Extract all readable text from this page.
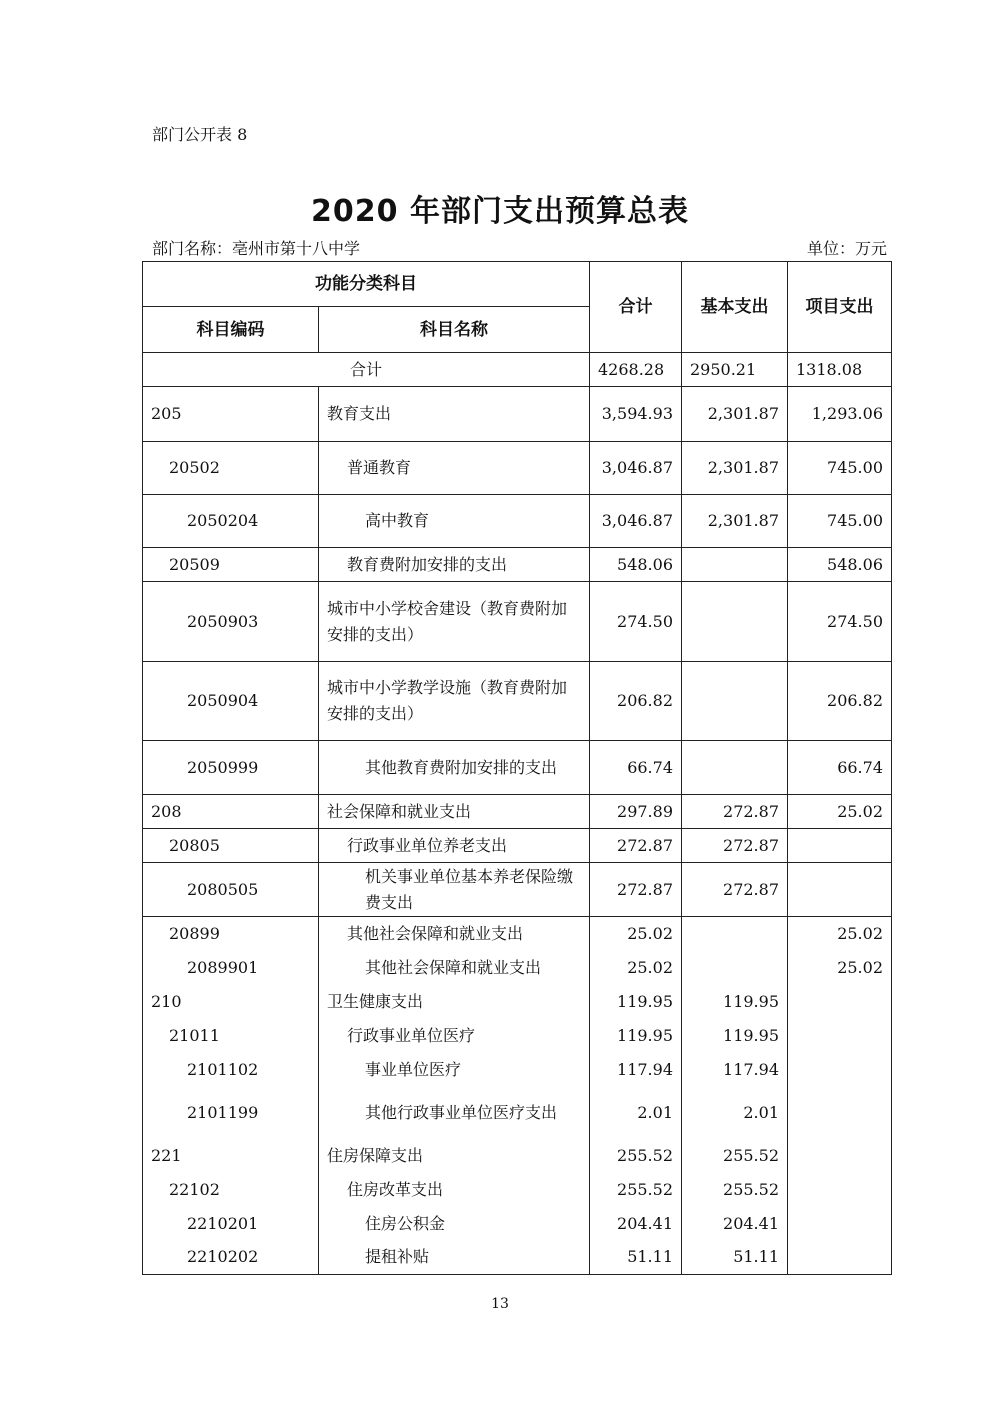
部门公开表 8
2020 年部门支出预算总表
部门名称：亳州市第十八中学	单位：万元
功能分类科目		合计	基本支出	项目支出
科目编码	科目名称			
合计		4268.28	2950.21	1318.08
205	教育支出	3,594.93	2,301.87	1,293.06
20502	普通教育	3,046.87	2,301.87	745.00
2050204	高中教育	3,046.87	2,301.87	745.00
20509	教育费附加安排的支出	548.06		548.06
2050903	城市中小学校舍建设（教育费附加安排的支出）	274.50		274.50
2050904	城市中小学教学设施（教育费附加安排的支出）	206.82		206.82
2050999	其他教育费附加安排的支出	66.74		66.74
208	社会保障和就业支出	297.89	272.87	25.02
20805	行政事业单位养老支出	272.87	272.87	
2080505	机关事业单位基本养老保险缴费支出	272.87	272.87	
20899	其他社会保障和就业支出	25.02		25.02
2089901	其他社会保障和就业支出	25.02		25.02
210	卫生健康支出	119.95	119.95	
21011	行政事业单位医疗	119.95	119.95	
2101102	事业单位医疗	117.94	117.94	
2101199	其他行政事业单位医疗支出	2.01	2.01	
221	住房保障支出	255.52	255.52	
22102	住房改革支出	255.52	255.52	
2210201	住房公积金	204.41	204.41	
2210202	提租补贴	51.11	51.11	
13
